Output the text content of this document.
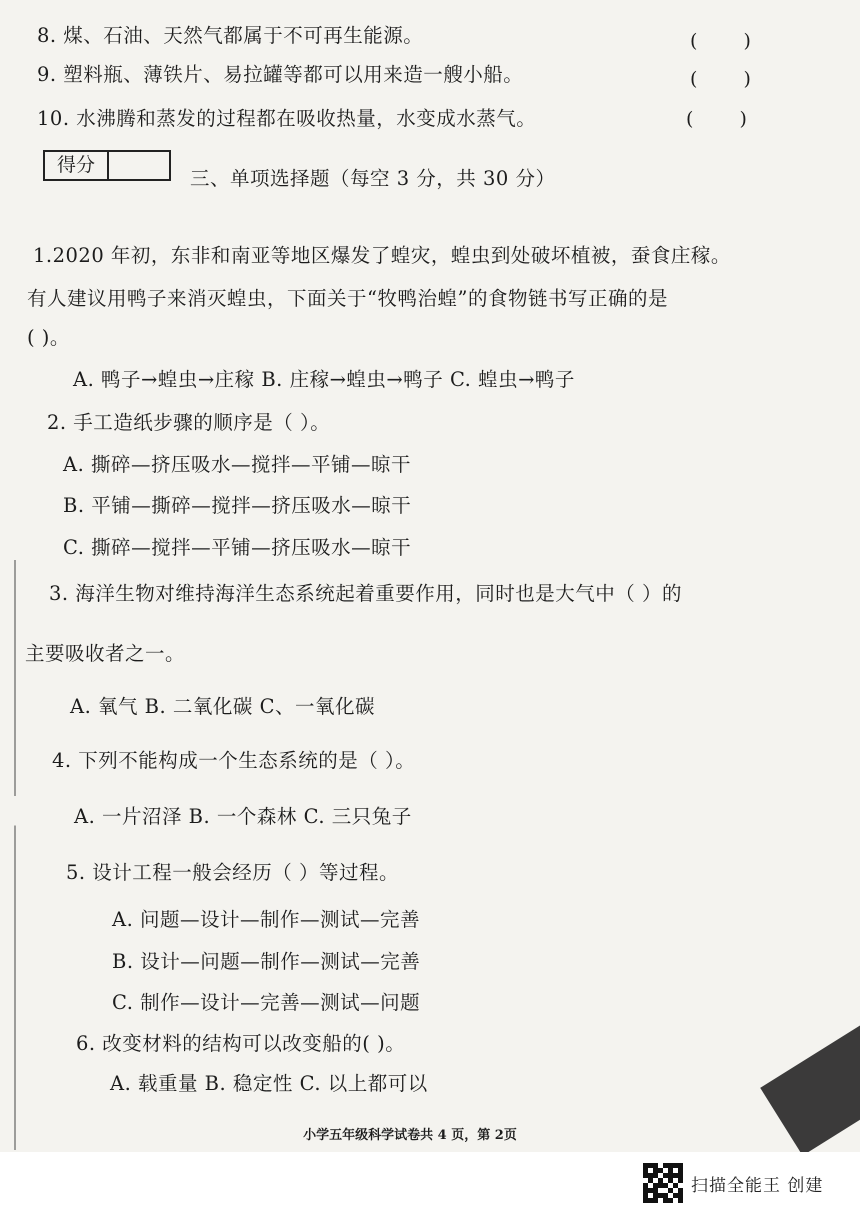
8. 煤、石油、天然气都属于不可再生能源。	( )
9. 塑料瓶、薄铁片、易拉罐等都可以用来造一艘小船。	( )
10. 水沸腾和蒸发的过程都在吸收热量，水变成水蒸气。	( )
得分
三、单项选择题（每空 3 分，共 30 分）
1.2020 年初，东非和南亚等地区爆发了蝗灾，蝗虫到处破坏植被，蚕食庄稼。
有人建议用鸭子来消灭蝗虫，下面关于“牧鸭治蝗”的食物链书写正确的是
( )。
A. 鸭子→蝗虫→庄稼 B. 庄稼→蝗虫→鸭子 C. 蝗虫→鸭子
2. 手工造纸步骤的顺序是（ ）。
A. 撕碎—挤压吸水—搅拌—平铺—晾干
B. 平铺—撕碎—搅拌—挤压吸水—晾干
C. 撕碎—搅拌—平铺—挤压吸水—晾干
3. 海洋生物对维持海洋生态系统起着重要作用，同时也是大气中（ ）的
主要吸收者之一。
A. 氧气 B. 二氧化碳 C、一氧化碳
4. 下列不能构成一个生态系统的是（ ）。
A. 一片沼泽 B. 一个森林 C. 三只兔子
5. 设计工程一般会经历（ ）等过程。
A. 问题—设计—制作—测试—完善
B. 设计—问题—制作—测试—完善
C. 制作—设计—完善—测试—问题
6. 改变材料的结构可以改变船的( )。
A. 载重量 B. 稳定性 C. 以上都可以
小学五年级科学试卷共 4 页，第 2页
扫描全能王 创建
